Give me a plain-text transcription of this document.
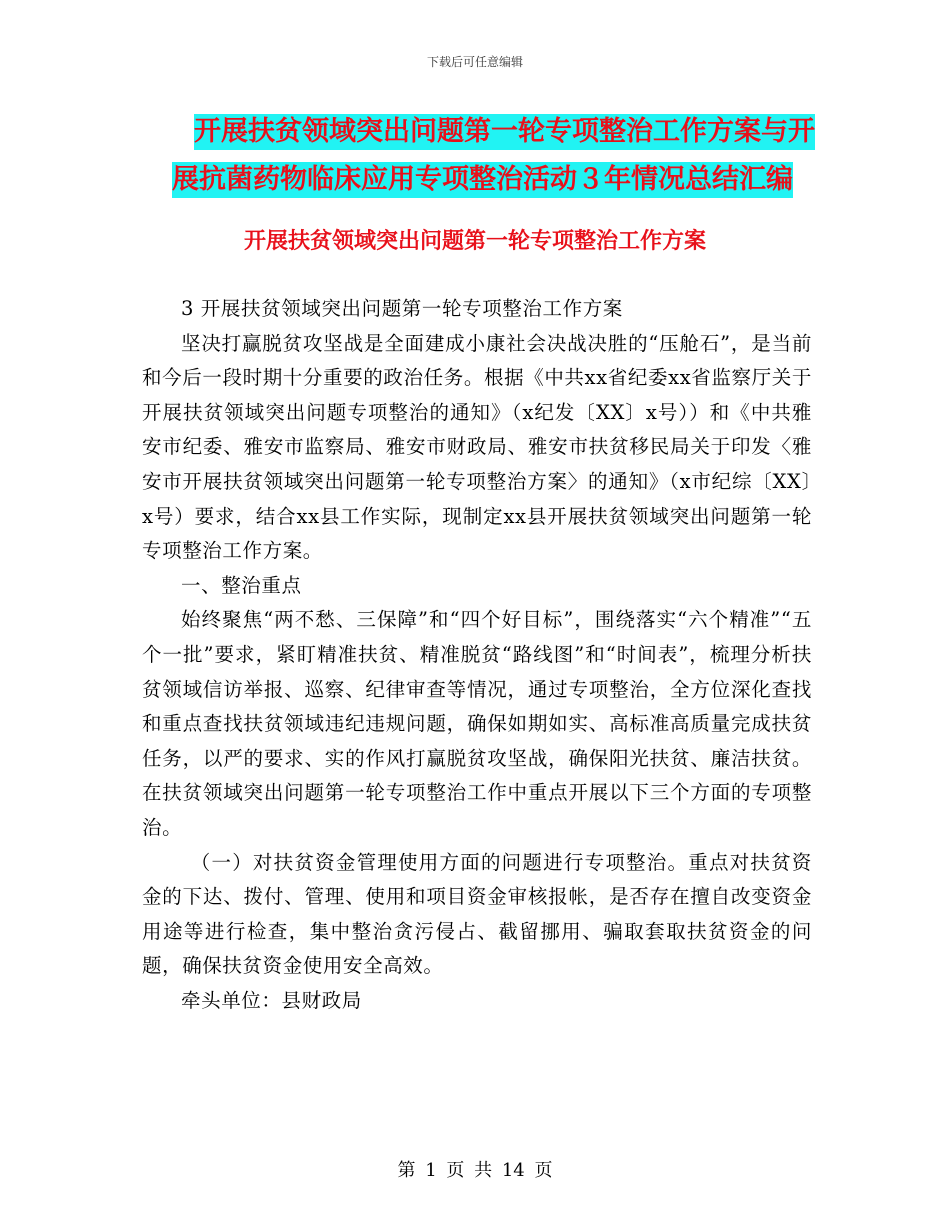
下载后可任意编辑
开展扶贫领域突出问题第一轮专项整治工作方案与开
展抗菌药物临床应用专项整治活动３年情况总结汇编
开展扶贫领域突出问题第一轮专项整治工作方案

3 开展扶贫领域突出问题第一轮专项整治工作方案

坚决打赢脱贫攻坚战是全面建成小康社会决战决胜的“压舱石”，是当前和今后一段时期十分重要的政治任务。根据《中共xx省纪委xx省监察厅关于开展扶贫领域突出问题专项整治的通知》（x纪发〔XX〕x号））和《中共雅安市纪委、雅安市监察局、雅安市财政局、雅安市扶贫移民局关于印发〈雅安市开展扶贫领域突出问题第一轮专项整治方案〉的通知》（x市纪综〔XX〕x号）要求，结合xx县工作实际，现制定xx县开展扶贫领域突出问题第一轮专项整治工作方案。

一、整治重点

始终聚焦“两不愁、三保障”和“四个好目标”，围绕落实“六个精准”“五个一批”要求，紧盯精准扶贫、精准脱贫“路线图”和“时间表”，梳理分析扶贫领域信访举报、巡察、纪律审查等情况，通过专项整治，全方位深化查找和重点查找扶贫领域违纪违规问题，确保如期如实、高标准高质量完成扶贫任务，以严的要求、实的作风打赢脱贫攻坚战，确保阳光扶贫、廉洁扶贫。在扶贫领域突出问题第一轮专项整治工作中重点开展以下三个方面的专项整治。

（一）对扶贫资金管理使用方面的问题进行专项整治。重点对扶贫资金的下达、拨付、管理、使用和项目资金审核报帐，是否存在擅自改变资金用途等进行检查，集中整治贪污侵占、截留挪用、骗取套取扶贫资金的问题，确保扶贫资金使用安全高效。

牵头单位：县财政局

第 1 页 共 14 页
